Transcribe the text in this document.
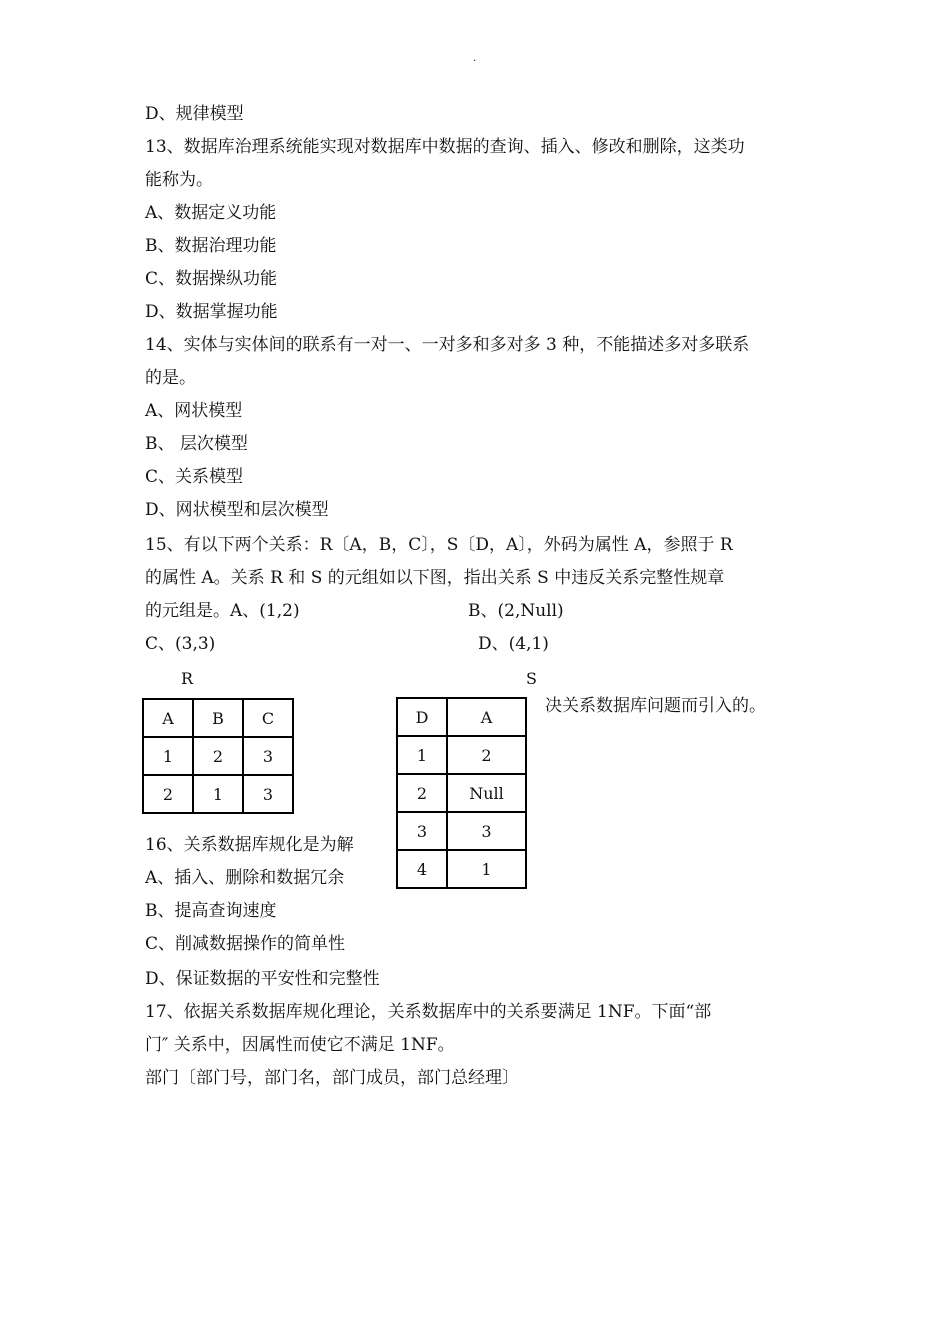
.
D、规律模型
13、数据库治理系统能实现对数据库中数据的查询、插入、修改和删除，这类功
能称为。
A、数据定义功能
B、数据治理功能
C、数据操纵功能
D、数据掌握功能
14、实体与实体间的联系有一对一、一对多和多对多 3 种，不能描述多对多联系
的是。
A、网状模型
B、 层次模型
C、关系模型
D、网状模型和层次模型
15、有以下两个关系：R〔A，B，C〕，S〔D，A〕，外码为属性 A，参照于 R
的属性 A。关系 R 和 S 的元组如以下图，指出关系 S 中违反关系完整性规章
的元组是。A、(1,2)	B、(2,Null)
C、(3,3)	D、(4,1)
R	S
A	B	C
1	2	3
2	1	3
D	A
1	2
2	Null
3	3
4	1
决关系数据库问题而引入的。
16、关系数据库规化是为解
A、插入、删除和数据冗余
B、提高查询速度
C、削减数据操作的简单性
D、保证数据的平安性和完整性
17、依据关系数据库规化理论，关系数据库中的关系要满足 1NF。下面“部
门″ 关系中，因属性而使它不满足 1NF。
部门〔部门号，部门名，部门成员，部门总经理〕
